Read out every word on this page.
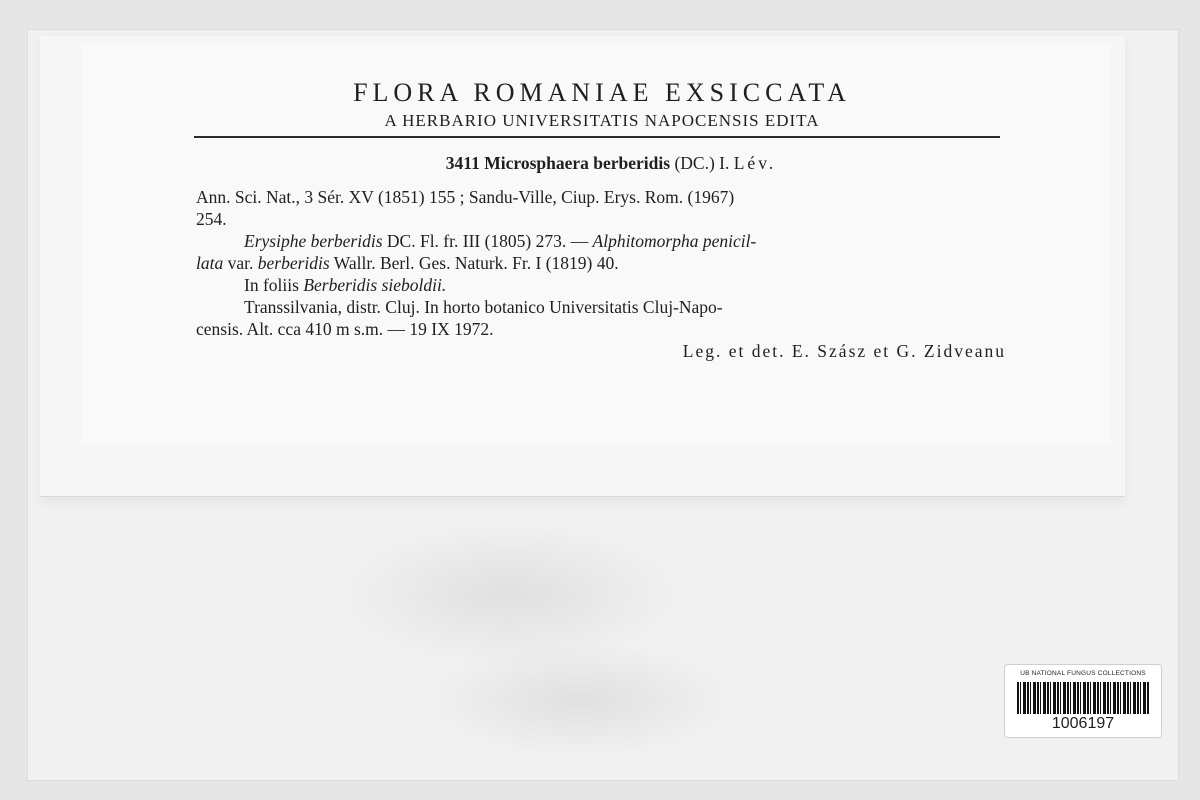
FLORA ROMANIAE EXSICCATA
A HERBARIO UNIVERSITATIS NAPOCENSIS EDITA
3411 Microsphaera berberidis (DC.) I. Lév.
Ann. Sci. Nat., 3 Sér. XV (1851) 155 ; Sandu-Ville, Ciup. Erys. Rom. (1967)
254.
Erysiphe berberidis DC. Fl. fr. III (1805) 273. — Alphitomorpha penicil-
lata var. berberidis Wallr. Berl. Ges. Naturk. Fr. I (1819) 40.
In foliis Berberidis sieboldii.
Transsilvania, distr. Cluj. In horto botanico Universitatis Cluj-Napo-
censis. Alt. cca 410 m s.m. — 19 IX 1972.
Leg. et det. E. Szász et G. Zidveanu
UB NATIONAL FUNGUS COLLECTIONS
1006197
